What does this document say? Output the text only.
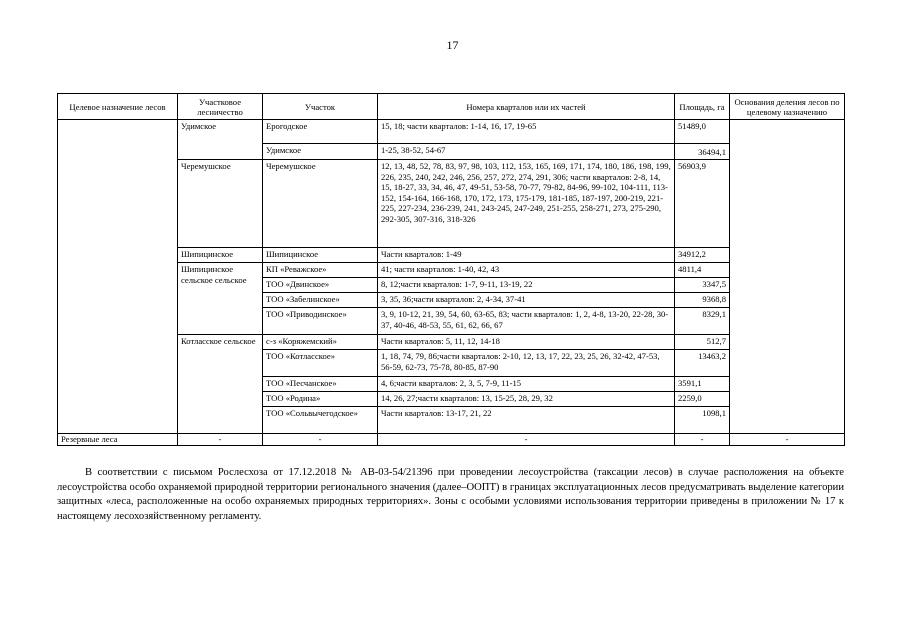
17
Целевое назначение лесов	Участковое лесничество	Участок	Номера кварталов или их частей	Площадь, га	Основания деления лесов по целевому назначению
	Удимское	Ерогодское	15, 18; части кварталов: 1-14, 16, 17, 19-65	51489,0	
		Удимское	1-25, 38-52, 54-67	36494,1	
	Черемушское	Черемушское	12, 13, 48, 52, 78, 83, 97, 98, 103, 112, 153, 165, 169, 171, 174, 180, 186, 198, 199, 226, 235, 240, 242, 246, 256, 257, 272, 274, 291, 306; части кварталов: 2-8, 14, 15, 18-27, 33, 34, 46, 47, 49-51, 53-58, 70-77, 79-82, 84-96, 99-102, 104-111, 113-152, 154-164, 166-168, 170, 172, 173, 175-179, 181-185, 187-197, 200-219, 221-225, 227-234, 236-239, 241, 243-245, 247-249, 251-255, 258-271, 273, 275-290, 292-305, 307-316, 318-326	56903,9	
	Шипицинское	Шипицинское	Части кварталов: 1-49	34912,2	
	Шипицинское сельское сельское	КП «Реважское»	41; части кварталов: 1-40, 42, 43	4811,4	
		ТОО «Двинское»	8, 12;части кварталов: 1-7, 9-11, 13-19, 22	3347,5	
		ТОО «Забелинское»	3, 35, 36;части кварталов: 2, 4-34, 37-41	9368,8	
		ТОО «Приводинское»	3, 9, 10-12, 21, 39, 54, 60, 63-65, 83; части кварталов: 1, 2, 4-8, 13-20, 22-28, 30-37, 40-46, 48-53, 55, 61, 62, 66, 67	8329,1	
	Котласское сельское	с-з «Коряжемский»	Части кварталов: 5, 11, 12, 14-18	512,7	
		ТОО «Котласское»	1, 18, 74, 79, 86;части кварталов: 2-10, 12, 13, 17, 22, 23, 25, 26, 32-42, 47-53, 56-59, 62-73, 75-78, 80-85, 87-90	13463,2	
		ТОО «Песчанское»	4, 6;части кварталов: 2, 3, 5, 7-9, 11-15	3591,1	
		ТОО «Родина»	14, 26, 27;части кварталов: 13, 15-25, 28, 29, 32	2259,0	
		ТОО «Сольвычегодское»	Части кварталов: 13-17, 21, 22	1098,1	
Резервные леса	-	-	-	-	-

В соответствии с письмом Рослесхоза от 17.12.2018 № АВ-03-54/21396 при проведении лесоустройства (таксации лесов) в случае расположения на объекте лесоустройства особо охраняемой природной территории регионального значения (далее–ООПТ) в границах эксплуатационных лесов предусматривать выделение категории защитных «леса, расположенные на особо охраняемых природных территориях». Зоны с особыми условиями использования территории приведены в приложении № 17 к настоящему лесохозяйственному регламенту.
